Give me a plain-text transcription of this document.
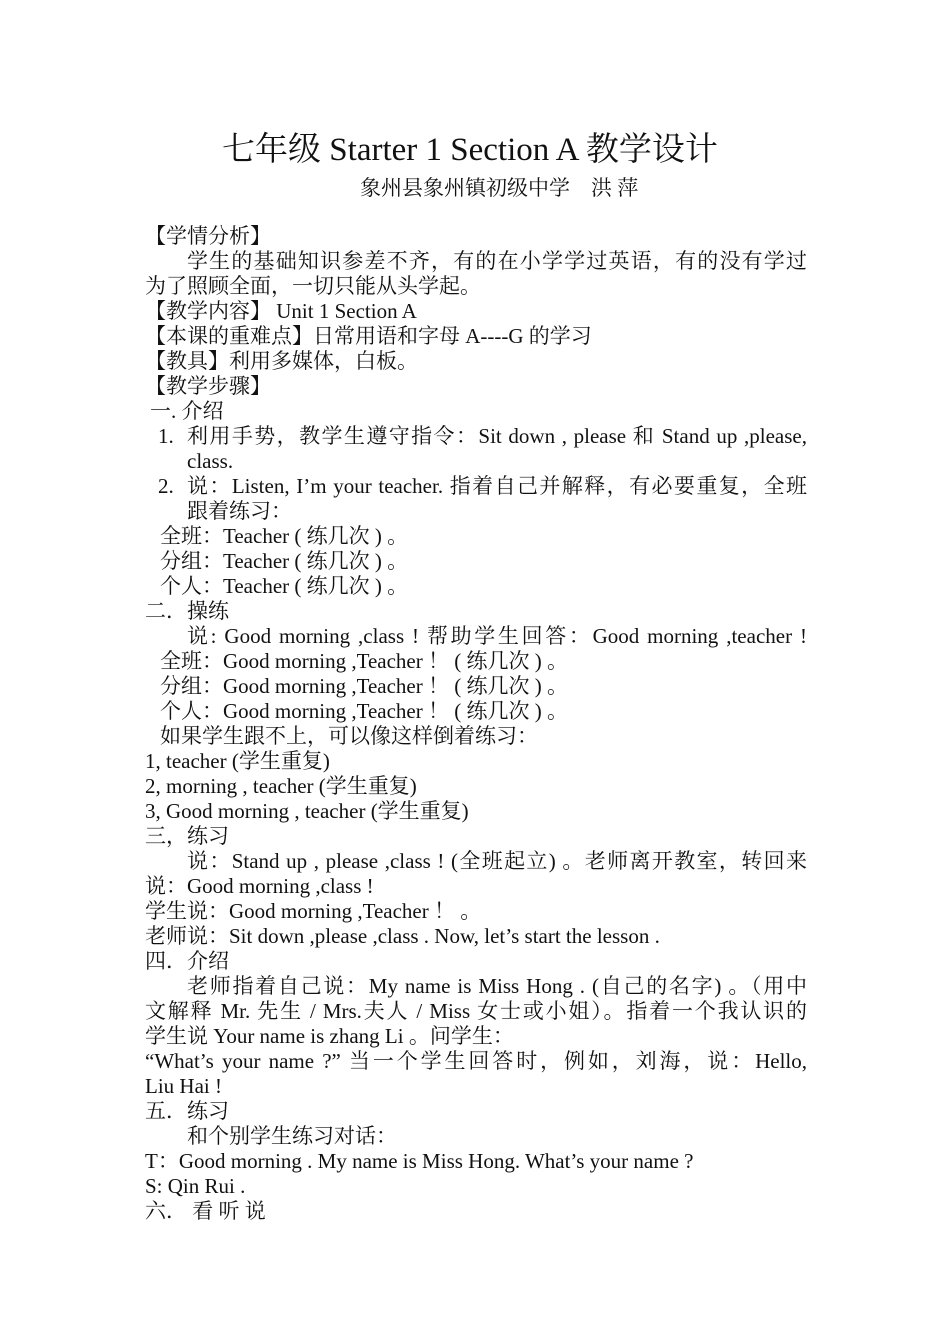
七年级 Starter 1 Section A 教学设计
象州县象州镇初级中学　洪 萍
【学情分析】
学生的基础知识参差不齐，有的在小学学过英语，有的没有学过
为了照顾全面，一切只能从头学起。
【教学内容】 Unit 1 Section A
【本课的重难点】日常用语和字母 A----G 的学习
【教具】利用多媒体，白板。
【教学步骤】
一. 介绍
1. 利用手势，教学生遵守指令：Sit down , please 和 Stand up ,please,
class.
2. 说：Listen, I’m your teacher. 指着自己并解释，有必要重复，全班
跟着练习：
全班：Teacher ( 练几次 ) 。
分组：Teacher ( 练几次 ) 。
个人：Teacher ( 练几次 ) 。
二．操练
说: Good morning ,class ! 帮助学生回答：Good morning ,teacher !
全班：Good morning ,Teacher ！ ( 练几次 ) 。
分组：Good morning ,Teacher ！ ( 练几次 ) 。
个人：Good morning ,Teacher ！ ( 练几次 ) 。
如果学生跟不上，可以像这样倒着练习：
1, teacher (学生重复)
2, morning , teacher (学生重复)
3, Good morning , teacher (学生重复)
三，练习
说：Stand up , please ,class ! (全班起立) 。老师离开教室，转回来
说：Good morning ,class !
学生说：Good morning ,Teacher ！ 。
老师说：Sit down ,please ,class . Now, let’s start the lesson .
四．介绍
老师指着自己说：My name is Miss Hong . (自己的名字) 。（用中
文解释 Mr. 先生 / Mrs.夫人 / Miss 女士或小姐）。指着一个我认识的
学生说 Your name is zhang Li 。问学生：
“What’s your name ?” 当一个学生回答时，例如，刘海，说：Hello,
Liu Hai !
五．练习
和个别学生练习对话：
T：Good morning . My name is Miss Hong. What’s your name ?
S: Qin Rui .
六． 看 听 说
